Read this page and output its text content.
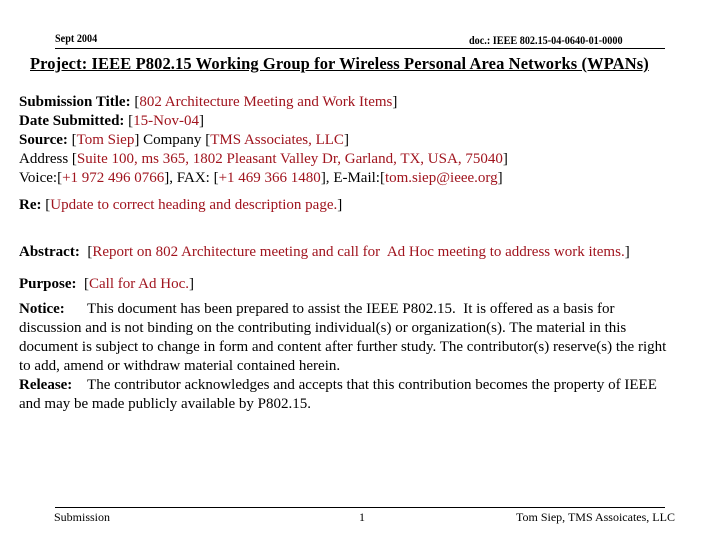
Sept 2004	doc.: IEEE 802.15-04-0640-01-0000
Project: IEEE P802.15 Working Group for Wireless Personal Area Networks (WPANs)
Submission Title: [802 Architecture Meeting and Work Items]
Date Submitted: [15-Nov-04]
Source: [Tom Siep] Company [TMS Associates, LLC]
Address [Suite 100, ms 365, 1802 Pleasant Valley Dr, Garland, TX, USA, 75040]
Voice:[+1 972 496 0766], FAX: [+1 469 366 1480], E-Mail:[tom.siep@ieee.org]
Re: [Update to correct heading and description page.]
Abstract:  [Report on 802 Architecture meeting and call for  Ad Hoc meeting to address work items.]
Purpose:  [Call for Ad Hoc.]
Notice: This document has been prepared to assist the IEEE P802.15.  It is offered as a basis for
discussion and is not binding on the contributing individual(s) or organization(s). The material in this
document is subject to change in form and content after further study. The contributor(s) reserve(s) the right
to add, amend or withdraw material contained herein.
Release: The contributor acknowledges and accepts that this contribution becomes the property of IEEE
and may be made publicly available by P802.15.
Submission	1	Tom Siep, TMS Assoicates, LLC
